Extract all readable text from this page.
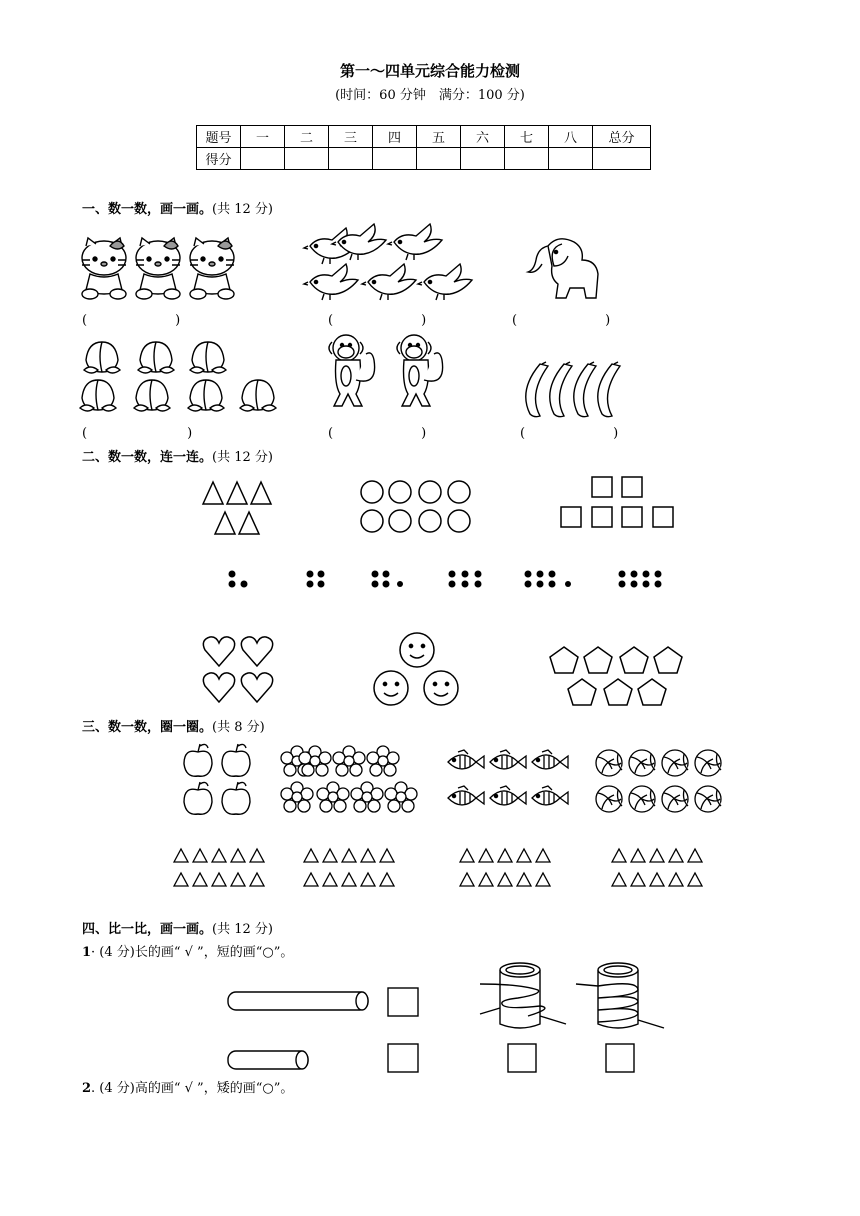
第一～四单元综合能力检测
(时间：60 分钟　满分：100 分)
题号	一	二	三	四	五	六	七	八	总分
得分									
一、数一数，画一画。(共 12 分)
(	)	(	)	(	)
(	)	(	)	(	)
二、数一数，连一连。(共 12 分)
三、数一数，圈一圈。(共 8 分)
四、比一比，画一画。(共 12 分)
1· (4 分)长的画“ √ ”，短的画“○”。
2. (4 分)高的画“ √ ”，矮的画“○”。
